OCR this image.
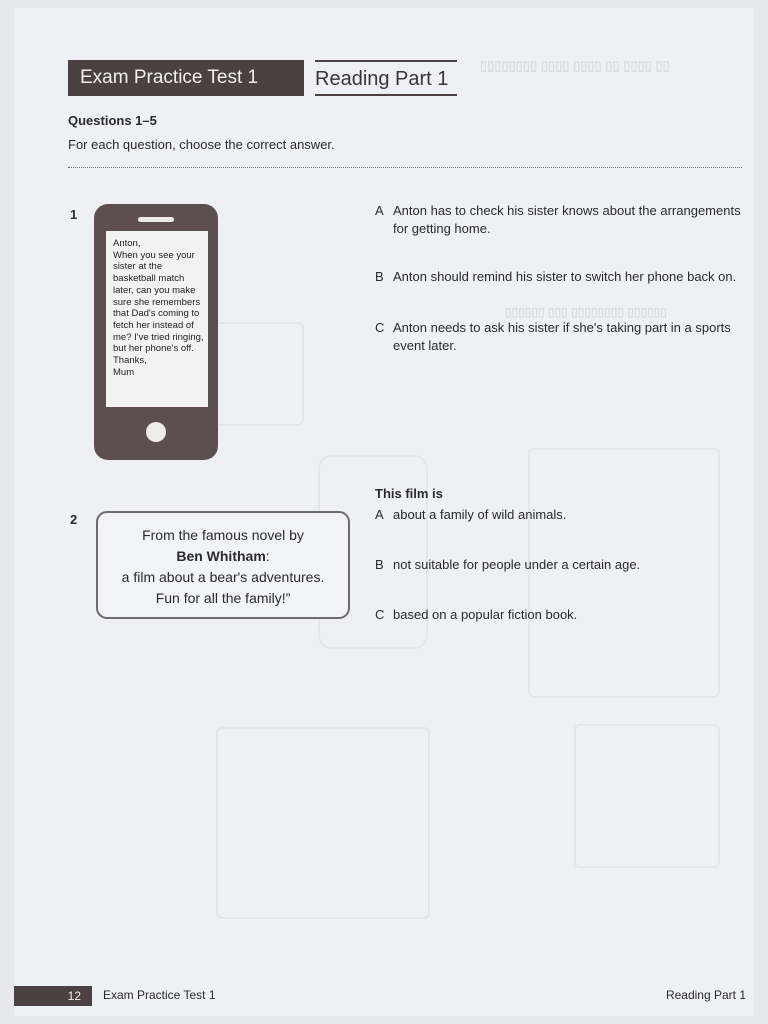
▯▯▯▯▯▯▯▯ ▯▯▯▯ ▯▯▯▯ ▯▯ ▯▯▯▯ ▯▯
▯▯▯▯▯▯ ▯▯▯ ▯▯▯▯▯▯▯▯ ▯▯▯▯▯▯
Exam Practice Test 1	Reading Part 1
Questions 1–5
For each question, choose the correct answer.
1
Anton,
When you see your sister at the basketball match later, can you make sure she remembers that Dad's coming to fetch her instead of me? I've tried ringing, but her phone's off.
Thanks,
Mum
A Anton has to check his sister knows about the arrangements for getting home.
B Anton should remind his sister to switch her phone back on.
C Anton needs to ask his sister if she's taking part in a sports event later.
2
From the famous novel by
Ben Whitham:
a film about a bear's adventures.
Fun for all the family!”
This film is
A about a family of wild animals.
B not suitable for people under a certain age.
C based on a popular fiction book.
12	Exam Practice Test 1	Reading Part 1
